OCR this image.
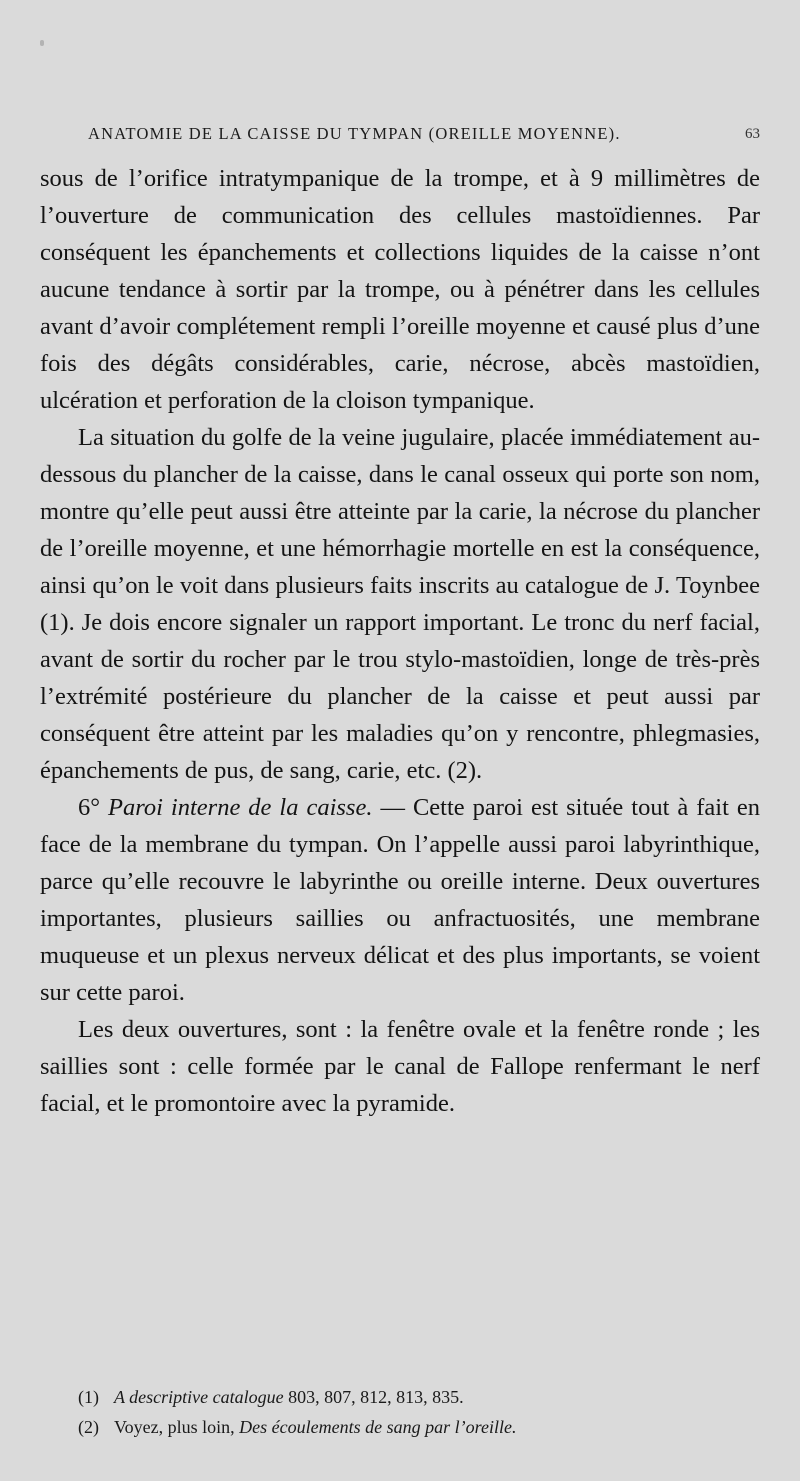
ANATOMIE DE LA CAISSE DU TYMPAN (OREILLE MOYENNE).	63

sous de l’orifice intratympanique de la trompe, et à 9 millimètres de l’ouverture de communication des cellules mastoïdiennes. Par conséquent les épanchements et collections liquides de la caisse n’ont aucune tendance à sortir par la trompe, ou à pénétrer dans les cellules avant d’avoir complétement rempli l’oreille moyenne et causé plus d’une fois des dégâts considérables, carie, nécrose, abcès mastoïdien, ulcération et perforation de la cloison tympanique.

La situation du golfe de la veine jugulaire, placée immédiatement au-dessous du plancher de la caisse, dans le canal osseux qui porte son nom, montre qu’elle peut aussi être atteinte par la carie, la nécrose du plancher de l’oreille moyenne, et une hémorrhagie mortelle en est la conséquence, ainsi qu’on le voit dans plusieurs faits inscrits au catalogue de J. Toynbee (1). Je dois encore signaler un rapport important. Le tronc du nerf facial, avant de sortir du rocher par le trou stylo-mastoïdien, longe de très-près l’extrémité postérieure du plancher de la caisse et peut aussi par conséquent être atteint par les maladies qu’on y rencontre, phlegmasies, épanchements de pus, de sang, carie, etc. (2).

6° Paroi interne de la caisse. — Cette paroi est située tout à fait en face de la membrane du tympan. On l’appelle aussi paroi labyrinthique, parce qu’elle recouvre le labyrinthe ou oreille interne. Deux ouvertures importantes, plusieurs saillies ou anfractuosités, une membrane muqueuse et un plexus nerveux délicat et des plus importants, se voient sur cette paroi.

Les deux ouvertures, sont : la fenêtre ovale et la fenêtre ronde ; les saillies sont : celle formée par le canal de Fallope renfermant le nerf facial, et le promontoire avec la pyramide.

(1) A descriptive catalogue 803, 807, 812, 813, 835.
(2) Voyez, plus loin, Des écoulements de sang par l’oreille.
